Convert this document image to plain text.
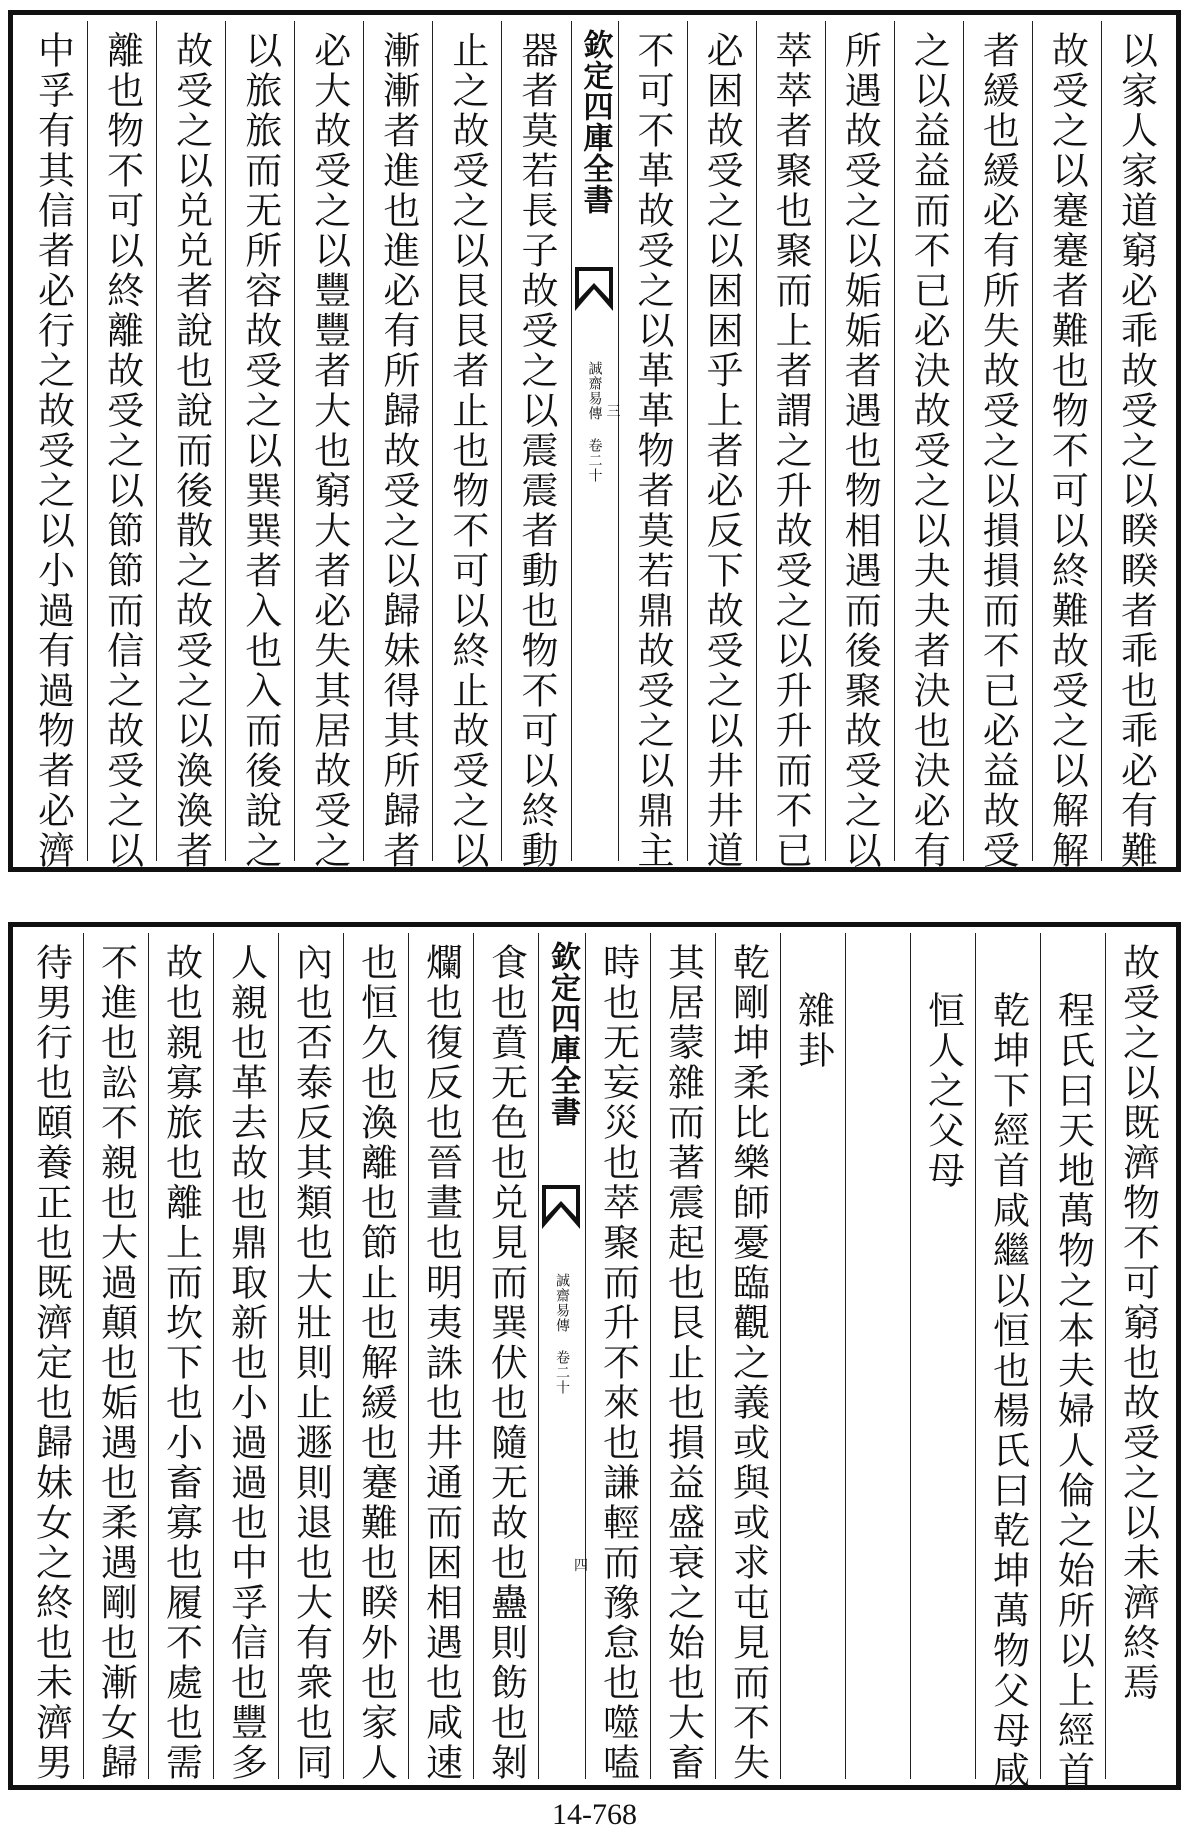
以家人家道窮必乖故受之以睽睽者乖也乖必有難
故受之以蹇蹇者難也物不可以終難故受之以解解
者緩也緩必有所失故受之以損損而不已必益故受
之以益益而不已必決故受之以夬夬者決也決必有
所遇故受之以姤姤者遇也物相遇而後聚故受之以
萃萃者聚也聚而上者謂之升故受之以升升而不已
必困故受之以困困乎上者必反下故受之以井井道
不可不革故受之以革革物者莫若鼎故受之以鼎主
欽定四庫全書
誠齋易傳 卷二十 三
器者莫若長子故受之以震震者動也物不可以終動
止之故受之以艮艮者止也物不可以終止故受之以
漸漸者進也進必有所歸故受之以歸妹得其所歸者
必大故受之以豐豐者大也窮大者必失其居故受之
以旅旅而无所容故受之以巽巽者入也入而後說之
故受之以兑兑者說也說而後散之故受之以渙渙者
離也物不可以終離故受之以節節而信之故受之以
中孚有其信者必行之故受之以小過有過物者必濟
故受之以既濟物不可窮也故受之以未濟終焉
程氏曰天地萬物之本夫婦人倫之始所以上經首
乾坤下經首咸繼以恒也楊氏曰乾坤萬物父母咸
恒人之父母
雜卦
乾剛坤柔比樂師憂臨觀之義或與或求屯見而不失
其居蒙雜而著震起也艮止也損益盛衰之始也大畜
時也无妄災也萃聚而升不來也謙輕而豫怠也噬嗑
欽定四庫全書
誠齋易傳 卷二十
四
食也賁无色也兑見而巽伏也隨无故也蠱則飭也剝
爛也復反也晉晝也明夷誅也井通而困相遇也咸速
也恒久也渙離也節止也解緩也蹇難也睽外也家人
內也否泰反其類也大壯則止遯則退也大有衆也同
人親也革去故也鼎取新也小過過也中孚信也豐多
故也親寡旅也離上而坎下也小畜寡也履不處也需
不進也訟不親也大過顛也姤遇也柔遇剛也漸女歸
待男行也頤養正也既濟定也歸妹女之終也未濟男
14-768
